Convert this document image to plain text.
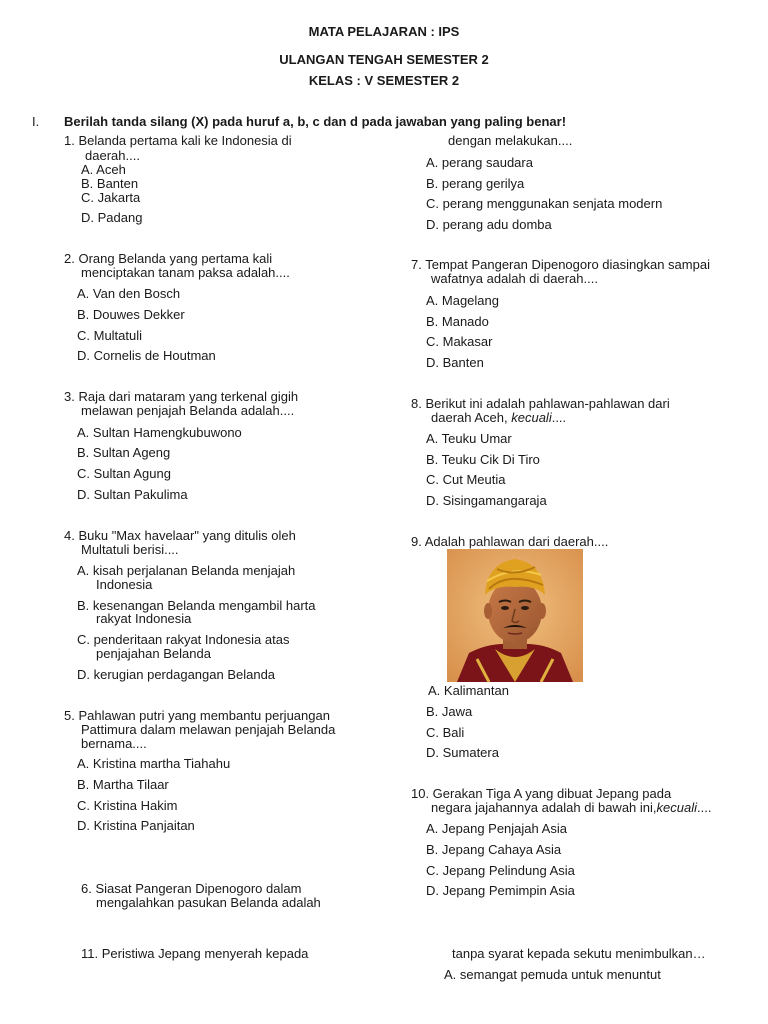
MATA PELAJARAN : IPS
ULANGAN TENGAH SEMESTER 2
KELAS : V SEMESTER 2
I. Berilah tanda silang (X) pada huruf a, b, c dan d pada jawaban yang paling benar!
1. Belanda pertama kali ke Indonesia di
daerah....
A. Aceh
B. Banten
C. Jakarta
D. Padang
2. Orang Belanda yang pertama kali
menciptakan tanam paksa adalah....
A. Van den Bosch
B. Douwes Dekker
C. Multatuli
D. Cornelis de Houtman
3. Raja dari mataram yang terkenal gigih
melawan penjajah Belanda adalah....
A. Sultan Hamengkubuwono
B. Sultan Ageng
C. Sultan Agung
D. Sultan Pakulima
4. Buku "Max havelaar" yang ditulis oleh
Multatuli berisi....
A. kisah perjalanan Belanda menjajah
Indonesia
B. kesenangan Belanda mengambil harta
rakyat Indonesia
C. penderitaan rakyat Indonesia atas
penjajahan Belanda
D. kerugian perdagangan Belanda
5. Pahlawan putri yang membantu perjuangan
Pattimura dalam melawan penjajah Belanda
bernama....
A. Kristina martha Tiahahu
B. Martha Tilaar
C. Kristina Hakim
D. Kristina Panjaitan
6. Siasat Pangeran Dipenogoro dalam
mengalahkan pasukan Belanda adalah
11. Peristiwa Jepang menyerah kepada
dengan melakukan....
A. perang saudara
B. perang gerilya
C. perang menggunakan senjata modern
D. perang adu domba
7. Tempat Pangeran Dipenogoro diasingkan sampai
wafatnya adalah di daerah....
A. Magelang
B. Manado
C. Makasar
D. Banten
8. Berikut ini adalah pahlawan-pahlawan dari
daerah Aceh, kecuali....
A. Teuku Umar
B. Teuku Cik Di Tiro
C. Cut Meutia
D. Sisingamangaraja
9. Adalah pahlawan dari daerah....
A. Kalimantan
B. Jawa
C. Bali
D. Sumatera
10. Gerakan Tiga A yang dibuat Jepang pada
negara jajahannya adalah di bawah ini,kecuali....
A. Jepang Penjajah Asia
B. Jepang Cahaya Asia
C. Jepang Pelindung Asia
D. Jepang Pemimpin Asia
tanpa syarat kepada sekutu menimbulkan…
A. semangat pemuda untuk menuntut
